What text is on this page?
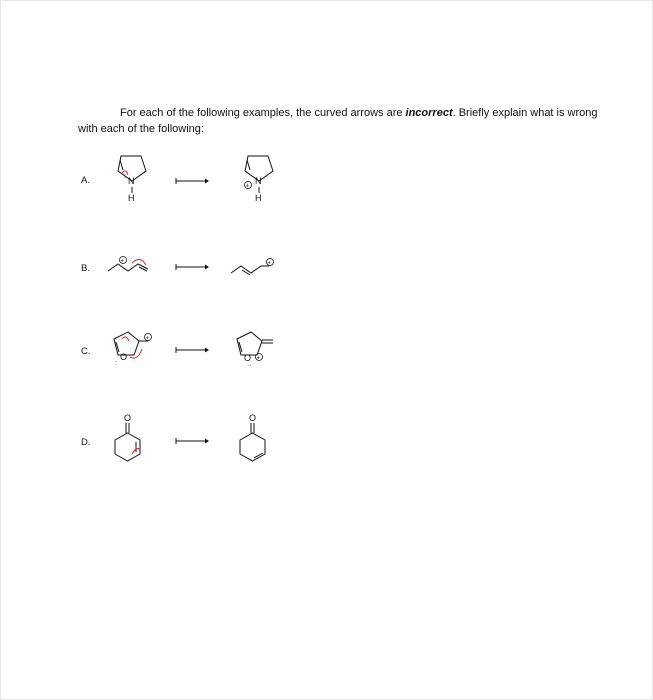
For each of the following examples, the curved arrows are incorrect. Briefly explain what is wrong with each of the following:
A.	N
H
:	N
+
H
B.
+	+
C.	O
:
+
O
··
+
D.
O	O
